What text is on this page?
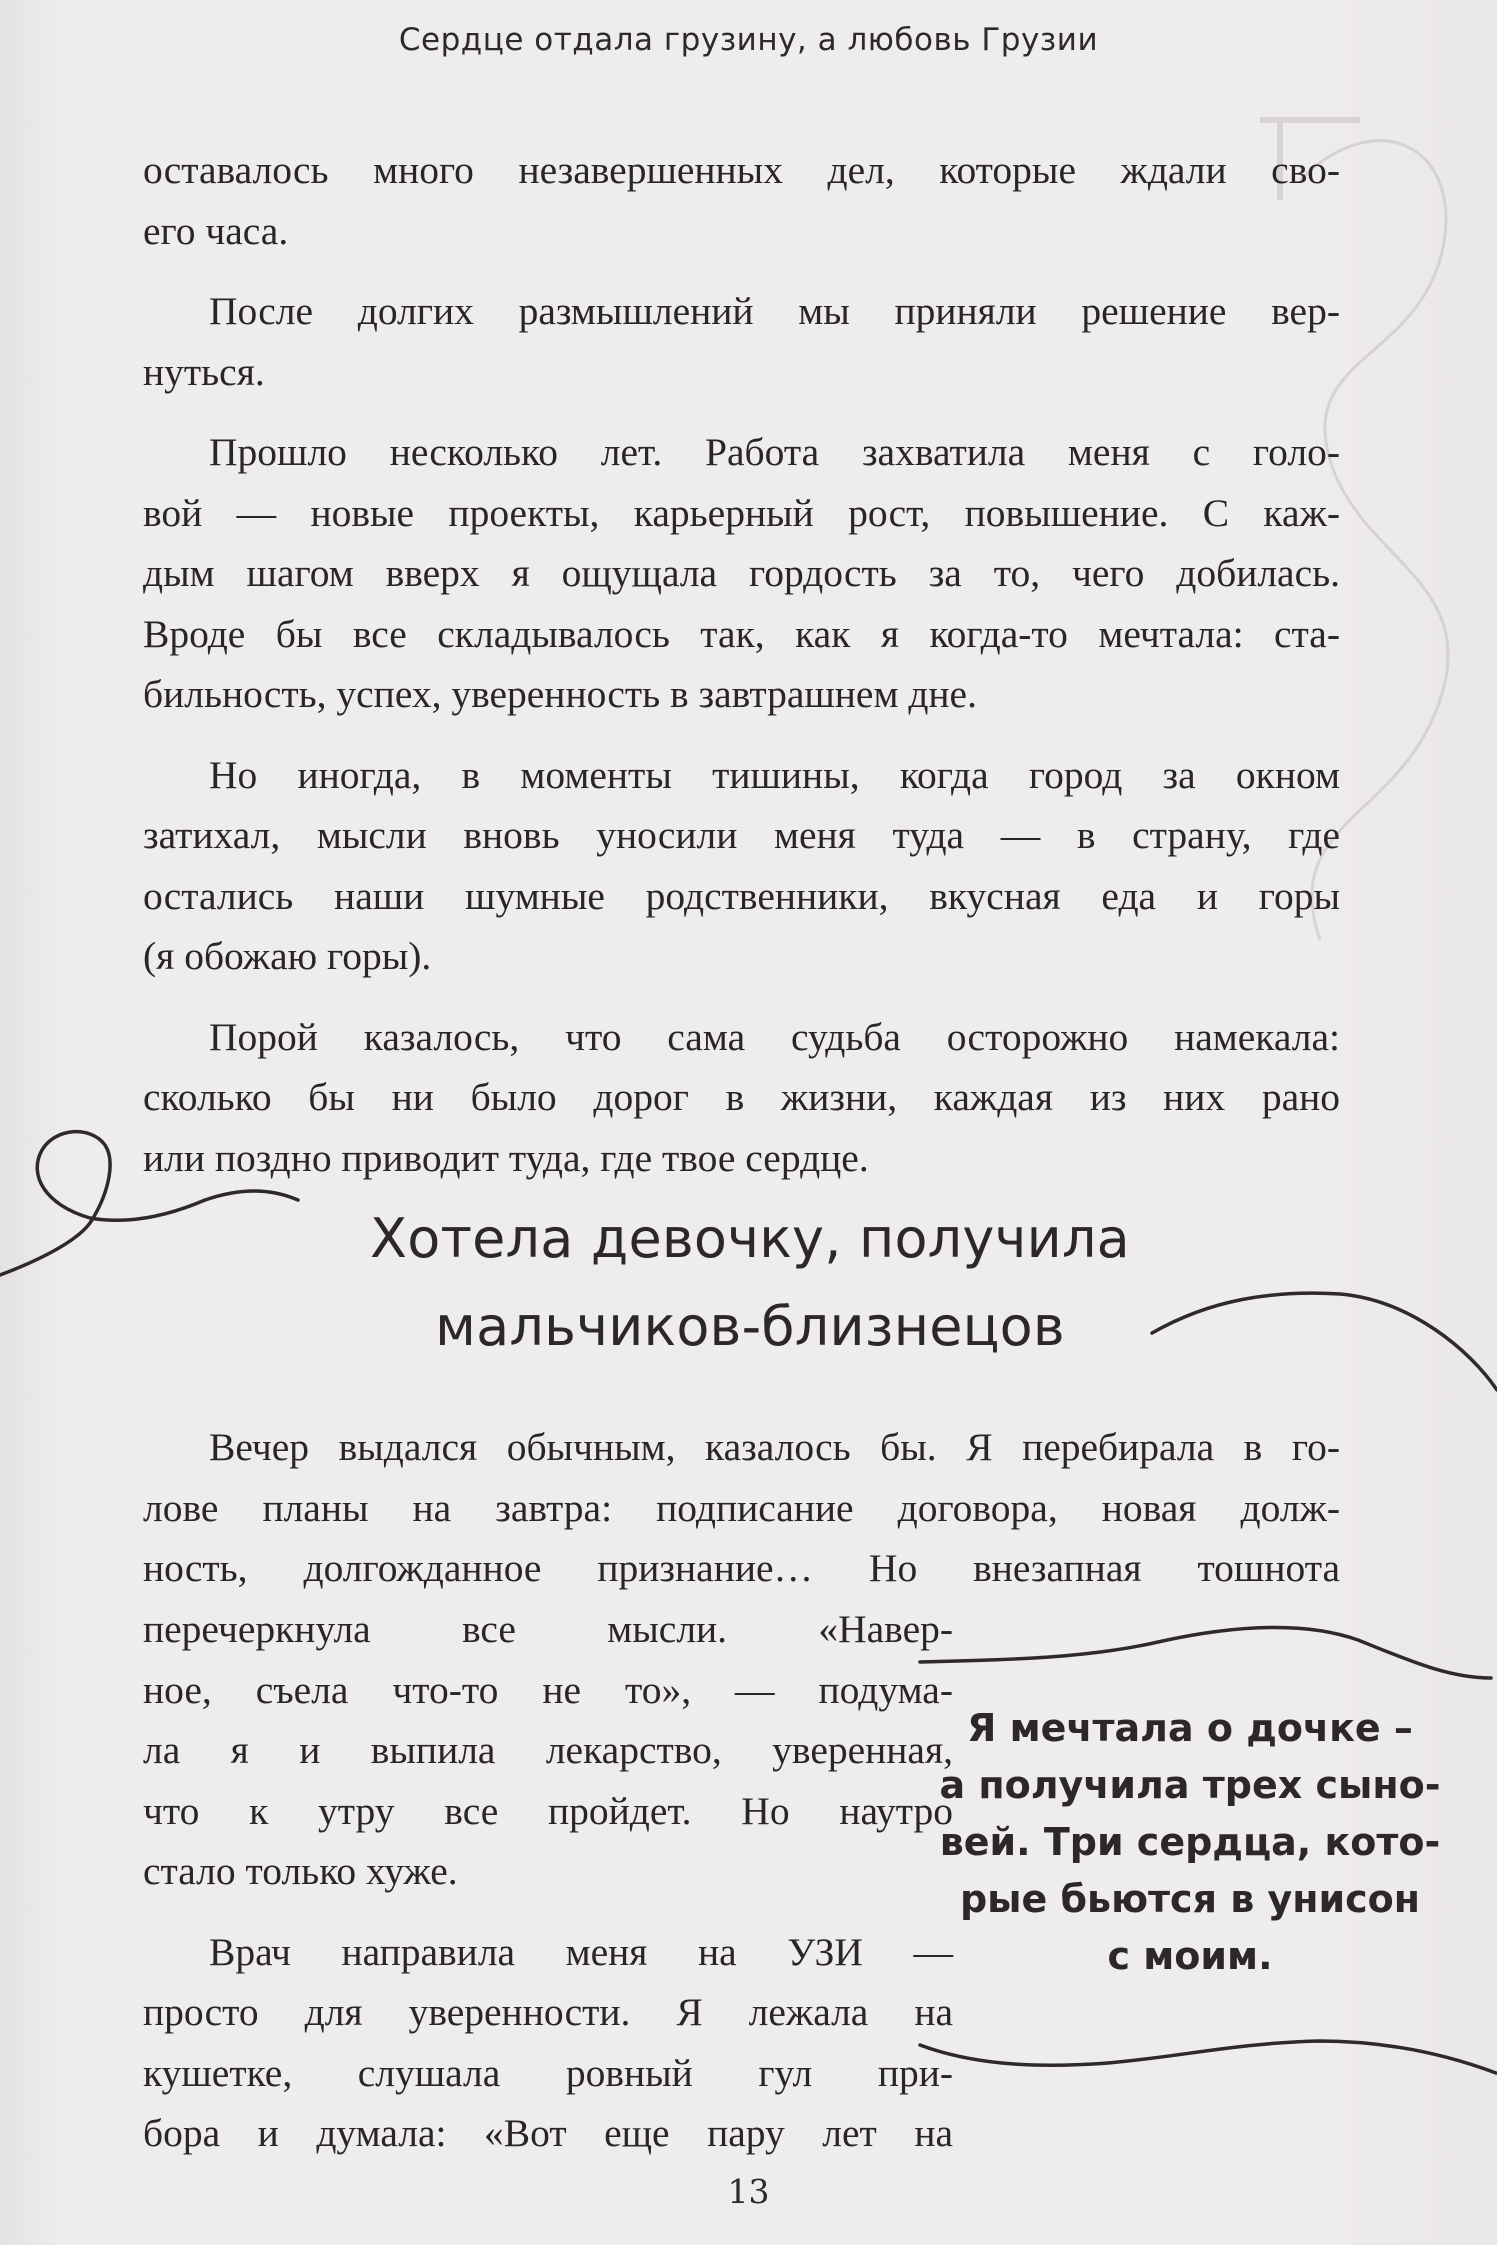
Сердце отдала грузину, а любовь Грузии

оставалось много незавершенных дел, которые ждали сво-
его часа.

После долгих размышлений мы приняли решение вер-
нуться.

Прошло несколько лет. Работа захватила меня с голо-
вой — новые проекты, карьерный рост, повышение. С каж-
дым шагом вверх я ощущала гордость за то, чего добилась.
Вроде бы все складывалось так, как я когда-то мечтала: ста-
бильность, успех, уверенность в завтрашнем дне.

Но иногда, в моменты тишины, когда город за окном
затихал, мысли вновь уносили меня туда — в страну, где
остались наши шумные родственники, вкусная еда и горы
(я обожаю горы).

Порой казалось, что сама судьба осторожно намекала:
сколько бы ни было дорог в жизни, каждая из них рано
или поздно приводит туда, где твое сердце.

Хотела девочку, получила
мальчиков-близнецов

Вечер выдался обычным, казалось бы. Я перебирала в го-
лове планы на завтра: подписание договора, новая долж-
ность, долгожданное признание… Но внезапная тошнота

перечеркнула все мысли. «Навер-
ное, съела что-то не то», — подума-
ла я и выпила лекарство, уверенная,
что к утру все пройдет. Но наутро
стало только хуже.

Врач направила меня на УЗИ —
просто для уверенности. Я лежала на
кушетке, слушала ровный гул при-
бора и думала: «Вот еще пару лет на

Я мечтала о дочке –
а получила трех сыно-
вей. Три сердца, кото-
рые бьются в унисон
с моим.
13
